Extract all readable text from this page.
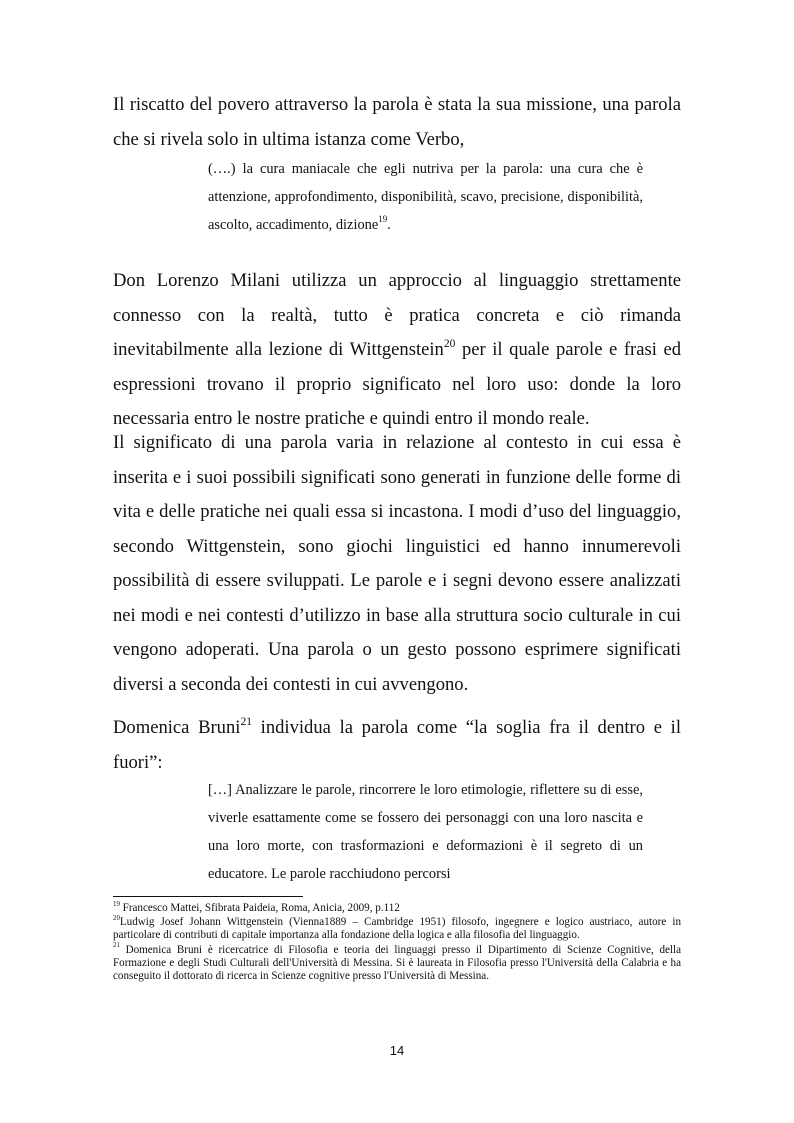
Il riscatto del povero attraverso la parola è stata la sua missione, una parola che si rivela solo in ultima istanza come Verbo,

(….) la cura maniacale che egli nutriva per la parola: una cura che è attenzione, approfondimento, disponibilità, scavo, precisione, disponibilità, ascolto, accadimento, dizione$^{19}$.

Don Lorenzo Milani utilizza un approccio al linguaggio strettamente connesso con la realtà, tutto è pratica concreta e ciò rimanda inevitabilmente alla lezione di Wittgenstein$^{20}$ per il quale parole e frasi ed espressioni trovano il proprio significato nel loro uso: donde la loro necessaria entro le nostre pratiche e quindi entro il mondo reale.

Il significato di una parola varia in relazione al contesto in cui essa è inserita e i suoi possibili significati sono generati in funzione delle forme di vita e delle pratiche nei quali essa si incastona. I modi d’uso del linguaggio, secondo Wittgenstein, sono giochi linguistici ed hanno innumerevoli possibilità di essere sviluppati. Le parole e i segni devono essere analizzati nei modi e nei contesti d’utilizzo in base alla struttura socio culturale in cui vengono adoperati. Una parola o un gesto possono esprimere significati diversi a seconda dei contesti in cui avvengono.

Domenica Bruni$^{21}$ individua la parola come “la soglia fra il dentro e il fuori”:

[…] Analizzare le parole, rincorrere le loro etimologie, riflettere su di esse, viverle esattamente come se fossero dei personaggi con una loro nascita e una loro morte, con trasformazioni e deformazioni è il segreto di un educatore. Le parole racchiudono percorsi

$^{19}$ Francesco Mattei, Sfibrata Paideia, Roma, Anicia, 2009, p.112

$^{20}$Ludwig Josef Johann Wittgenstein (Vienna1889 – Cambridge 1951) filosofo, ingegnere e logico austriaco, autore in particolare di contributi di capitale importanza alla fondazione della logica e alla filosofia del linguaggio.

$^{21}$ Domenica Bruni è ricercatrice di Filosofia e teoria dei linguaggi presso il Dipartimento di Scienze Cognitive, della Formazione e degli Studi Culturali dell'Università di Messina. Si è laureata in Filosofia presso l'Università della Calabria e ha conseguito il dottorato di ricerca in Scienze cognitive presso l'Università di Messina.

14
